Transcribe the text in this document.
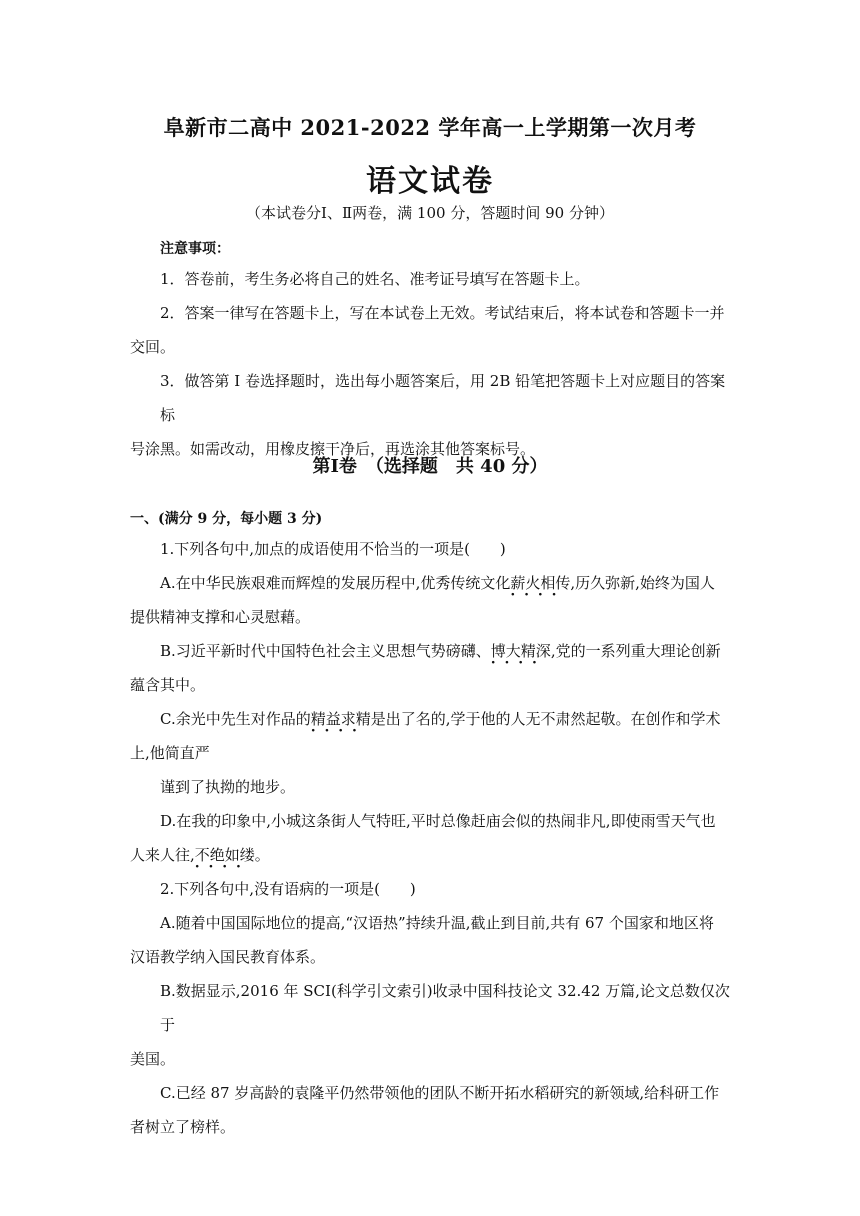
阜新市二高中 2021-2022 学年高一上学期第一次月考
语文试卷
（本试卷分Ⅰ、Ⅱ两卷，满 100 分，答题时间 90 分钟）
注意事项：
1．答卷前，考生务必将自己的姓名、准考证号填写在答题卡上。
2．答案一律写在答题卡上，写在本试卷上无效。考试结束后，将本试卷和答题卡一并
交回。
3．做答第 I 卷选择题时，选出每小题答案后，用 2B 铅笔把答题卡上对应题目的答案标
号涂黑。如需改动，用橡皮擦干净后，再选涂其他答案标号。
第Ⅰ卷　（选择题　共 40 分）
一、(满分 9 分，每小题 3 分)
1.下列各句中,加点的成语使用不恰当的一项是(　　)
A.在中华民族艰难而辉煌的发展历程中,优秀传统文化薪火相传 · · · ·,历久弥新,始终为国人
提供精神支撑和心灵慰藉。
B.习近平新时代中国特色社会主义思想气势磅礴、博大精深 · · · ·,党的一系列重大理论创新
蕴含其中。
C.余光中先生对作品的精益求精 · · · ·是出了名的,学于他的人无不肃然起敬。在创作和学术
上,他简直严
谨到了执拗的地步。
D.在我的印象中,小城这条街人气特旺,平时总像赶庙会似的热闹非凡,即使雨雪天气也
人来人往,不绝如缕 · · · ·。
2.下列各句中,没有语病的一项是(　　)
A.随着中国国际地位的提高,“汉语热”持续升温,截止到目前,共有 67 个国家和地区将
汉语教学纳入国民教育体系。
B.数据显示,2016 年 SCI(科学引文索引)收录中国科技论文 32.42 万篇,论文总数仅次于
美国。
C.已经 87 岁高龄的袁隆平仍然带领他的团队不断开拓水稻研究的新领域,给科研工作
者树立了榜样。
